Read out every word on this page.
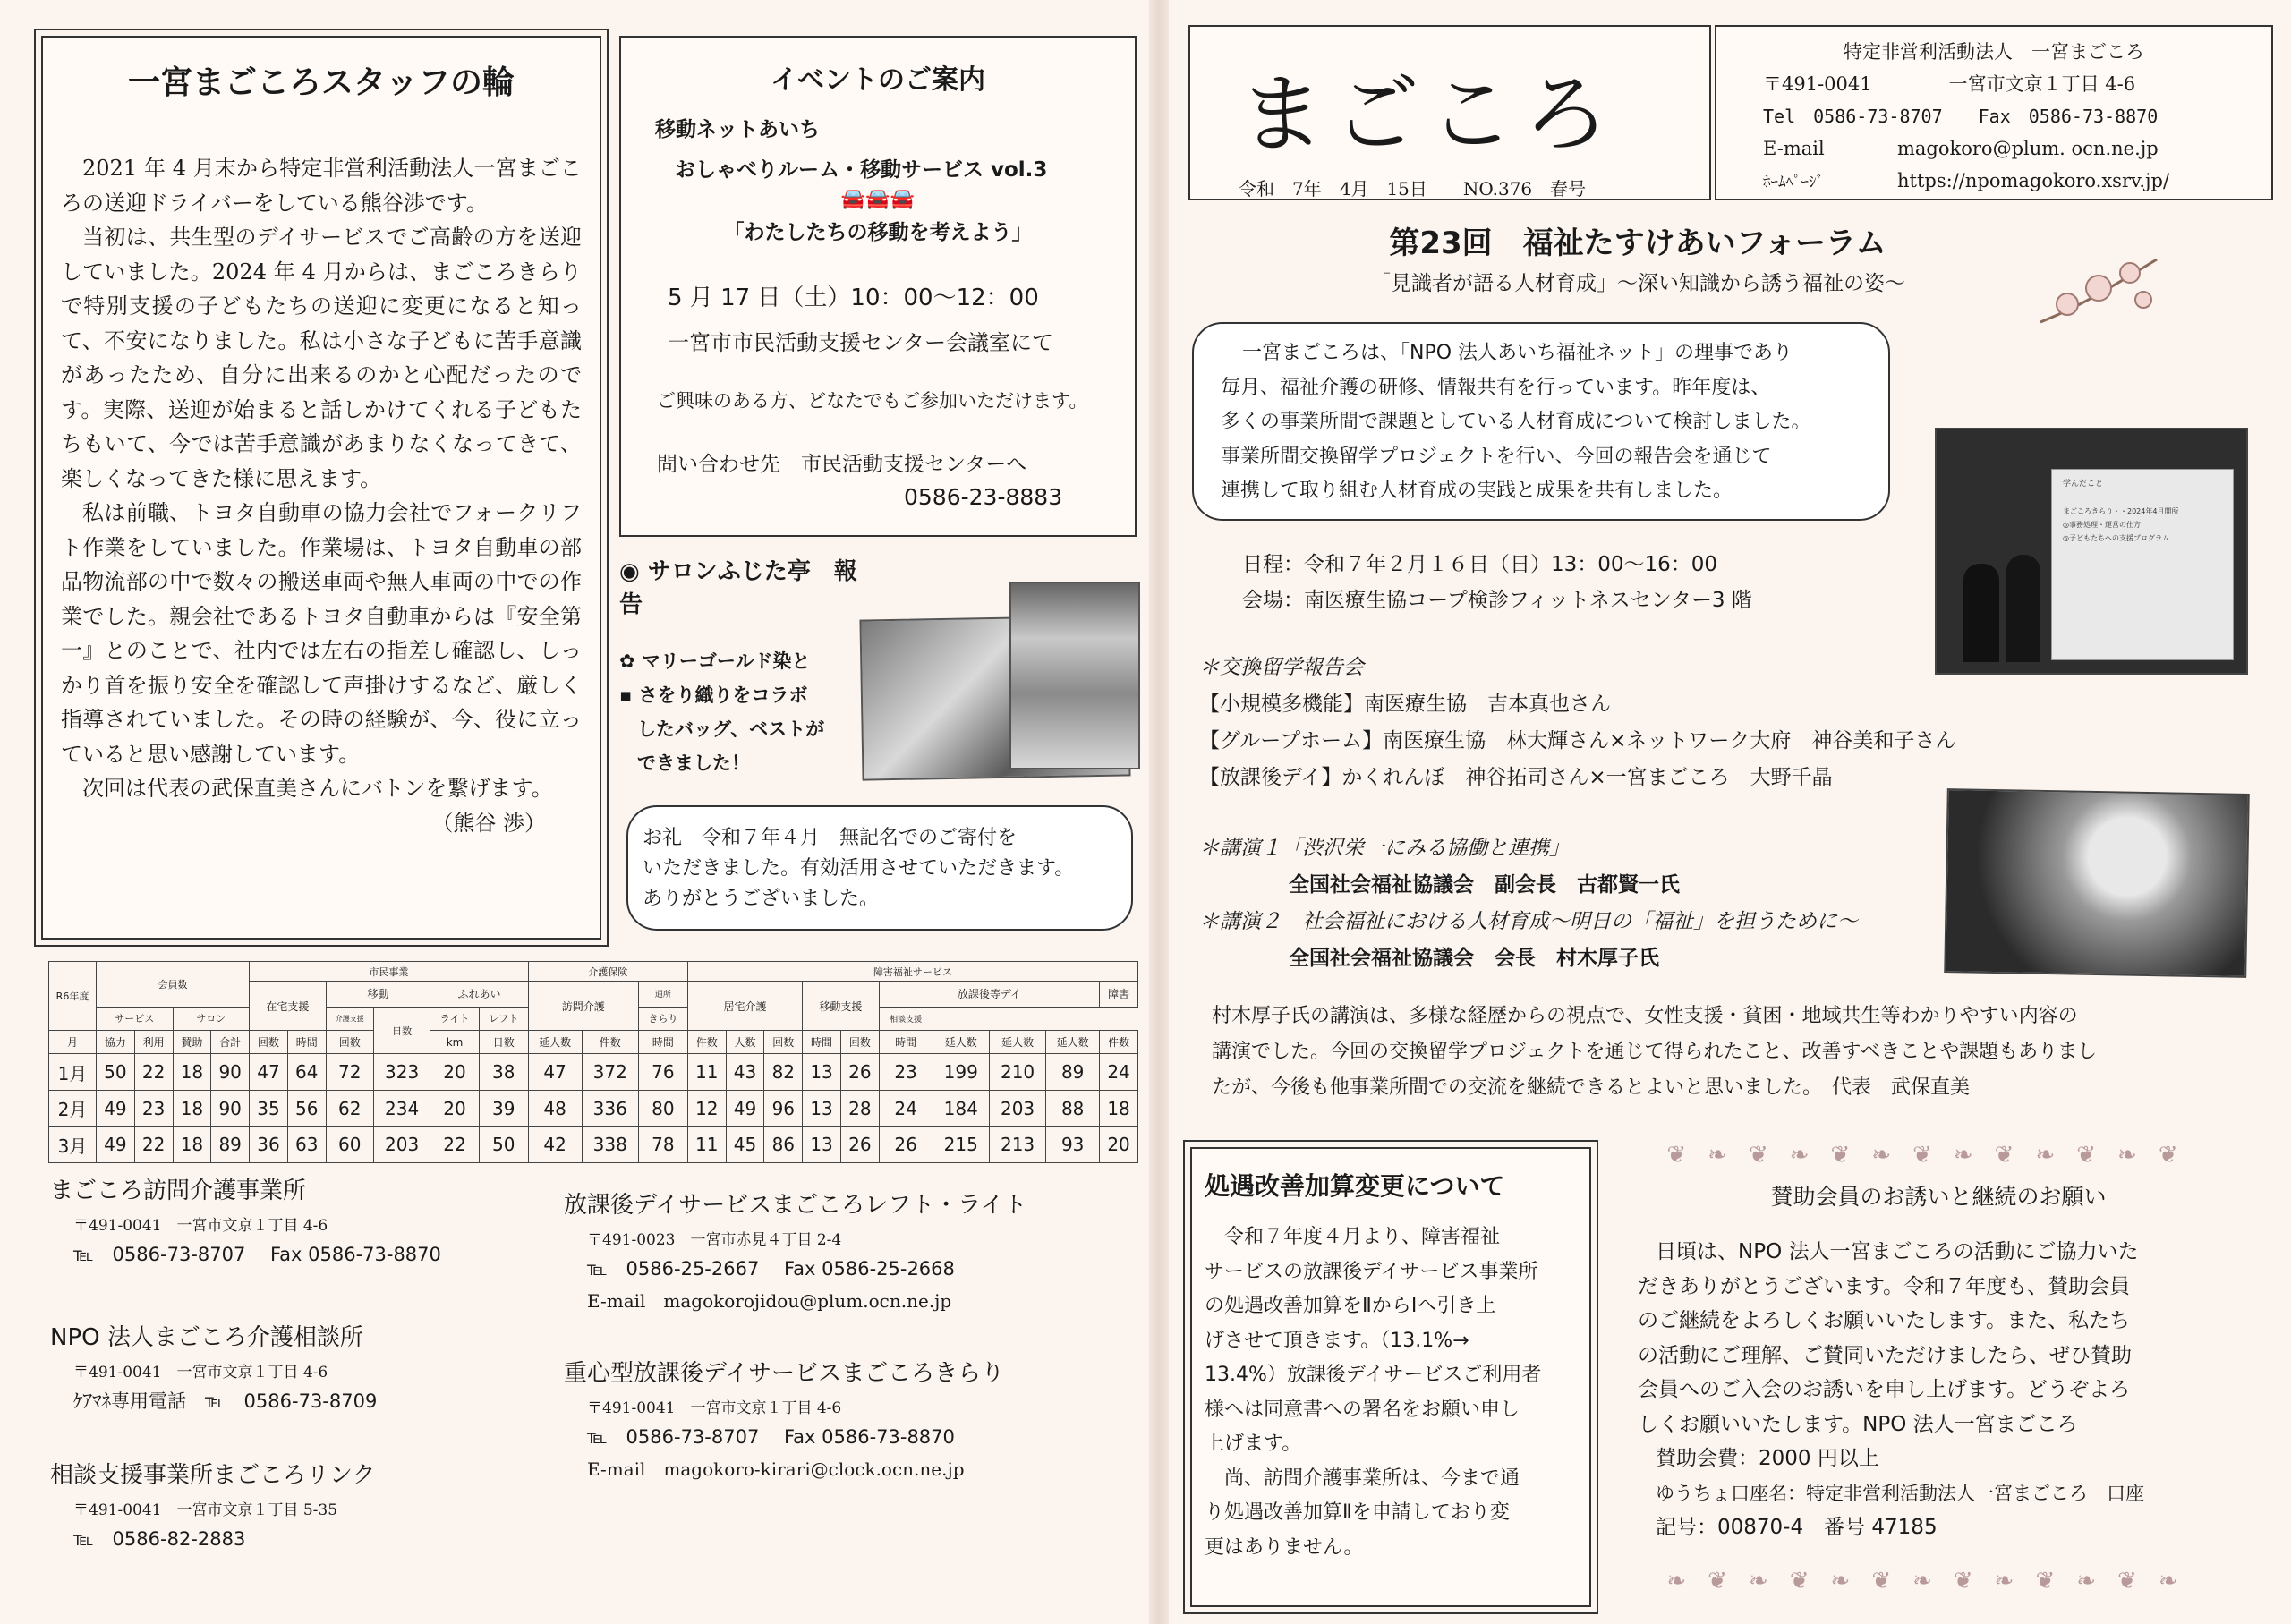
一宮まごころスタッフの輪

2021 年 4 月末から特定非営利活動法人一宮まごころの送迎ドライバーをしている熊谷渉です。

当初は、共生型のデイサービスでご高齢の方を送迎していました。2024 年 4 月からは、まごころきらりで特別支援の子どもたちの送迎に変更になると知って、不安になりました。私は小さな子どもに苦手意識があったため、自分に出来るのかと心配だったのです。実際、送迎が始まると話しかけてくれる子どもたちもいて、今では苦手意識があまりなくなってきて、楽しくなってきた様に思えます。

私は前職、トヨタ自動車の協力会社でフォークリフト作業をしていました。作業場は、トヨタ自動車の部品物流部の中で数々の搬送車両や無人車両の中での作業でした。親会社であるトヨタ自動車からは『安全第一』とのことで、社内では左右の指差し確認し、しっかり首を振り安全を確認して声掛けするなど、厳しく指導されていました。その時の経験が、今、役に立っていると思い感謝しています。

次回は代表の武保直美さんにバトンを繋げます。

（熊谷 渉）
イベントのご案内
移動ネットあいち
おしゃべりルーム・移動サービス vol.3
🚘🚘🚘
「わたしたちの移動を考えよう」
5 月 17 日（土）10：00～12：00
一宮市市民活動支援センター会議室にて
ご興味のある方、どなたでもご参加いただけます。
問い合わせ先　市民活動支援センターへ
0586-23-8883
◉ サロンふじた亭　報告
✿ マリーゴールド染と
▪ さをり織りをコラボ
したバッグ、ベストが
できました！
お礼　令和７年４月　無記名でのご寄付を
いただきました。有効活用させていただきます。
ありがとうございました。
R6年度	会員数				市民事業						介護保険			障害福祉サービス									
					在宅支援		移動		ふれあい		訪問介護		通所	居宅介護			移動支援		放課後等デイ				障害
	サービス		サロン				介護支援	日数	ライト	レフト			きらり						相談支援				
月	協力	利用	賛助	合計	回数	時間	回数		km	日数	延人数	件数	時間	件数	人数	回数	時間	回数	時間	延人数	延人数	延人数	件数
1月	50	22	18	90	47	64	72	323	20	38	47	372	76	11	43	82	13	26	23	199	210	89	24
2月	49	23	18	90	35	56	62	234	20	39	48	336	80	12	49	96	13	28	24	184	203	88	18
3月	49	22	18	89	36	63	60	203	22	50	42	338	78	11	45	86	13	26	26	215	213	93	20
まごころ訪問介護事業所
〒491-0041　一宮市文京１丁目 4-6
℡　0586-73-8707　 Fax 0586-73-8870
NPO 法人まごころ介護相談所
〒491-0041　一宮市文京１丁目 4-6
ｹｱﾏﾈ専用電話　℡　0586-73-8709
相談支援事業所まごころリンク
〒491-0041　一宮市文京１丁目 5-35
℡　0586-82-2883
放課後デイサービスまごころレフト・ライト
〒491-0023　一宮市赤見４丁目 2-4
℡　0586-25-2667　 Fax 0586-25-2668
E-mail　magokorojidou@plum.ocn.ne.jp
重心型放課後デイサービスまごころきらり
〒491-0041　一宮市文京１丁目 4-6
℡　0586-73-8707　 Fax 0586-73-8870
E-mail　magokoro-kirari@clock.ocn.ne.jp
まごころ
令和　7年　4月　15日　　NO.376　春号
特定非営利活動法人　一宮まごころ
〒491-0041	一宮市文京１丁目 4-6
Tel　0586-73-8707　　Fax　0586-73-8870
E-mail	magokoro@plum. ocn.ne.jp
ﾎｰﾑﾍﾟｰｼﾞ	https://npomagokoro.xsrv.jp/
第23回　福祉たすけあいフォーラム
「見識者が語る人材育成」～深い知識から誘う福祉の姿～
一宮まごころは、「NPO 法人あいち福祉ネット」の理事であり
毎月、福祉介護の研修、情報共有を行っています。昨年度は、
多くの事業所間で課題としている人材育成について検討しました。
事業所間交換留学プロジェクトを行い、今回の報告会を通じて
連携して取り組む人材育成の実践と成果を共有しました。	学んだこと
まごころきらり・・2024年4月開所
◎事務処理・運営の仕方
◎子どもたちへの支援プログラム
日程：令和７年２月１６日（日）13：00～16：00
会場：南医療生協コープ検診フィットネスセンター3 階
＊交換留学報告会
【小規模多機能】南医療生協　吉本真也さん
【グループホーム】南医療生協　林大輝さん×ネットワーク大府　神谷美和子さん
【放課後デイ】かくれんぼ　神谷拓司さん×一宮まごころ　大野千晶
＊講演１「渋沢栄一にみる協働と連携」
全国社会福祉協議会　副会長　古都賢一氏
＊講演２　社会福祉における人材育成～明日の「福祉」を担うために～
全国社会福祉協議会　会長　村木厚子氏
村木厚子氏の講演は、多様な経歴からの視点で、女性支援・貧困・地域共生等わかりやすい内容の
講演でした。今回の交換留学プロジェクトを通じて得られたこと、改善すべきことや課題もありまし
たが、今後も他事業所間での交流を継続できるとよいと思いました。　代表　武保直美
処遇改善加算変更について
令和７年度４月より、障害福祉
サービスの放課後デイサービス事業所
の処遇改善加算をⅡからⅠへ引き上
げさせて頂きます。（13.1%→
13.4%）放課後デイサービスご利用者
様へは同意書への署名をお願い申し
上げます。
尚、訪問介護事業所は、今まで通
り処遇改善加算Ⅱを申請しており変
更はありません。
❦❧❦❧❦❧❦❧❦❧❦❧❦
賛助会員のお誘いと継続のお願い
日頃は、NPO 法人一宮まごころの活動にご協力いた
だきありがとうございます。令和７年度も、賛助会員
のご継続をよろしくお願いいたします。また、私たち
の活動にご理解、ご賛同いただけましたら、ぜひ賛助
会員へのご入会のお誘いを申し上げます。どうぞよろ
しくお願いいたします。NPO 法人一宮まごころ
賛助会費：2000 円以上
ゆうちょ口座名：特定非営利活動法人一宮まごころ　口座
記号：00870-4　番号 47185
❧❦❧❦❧❦❧❦❧❦❧❦❧
